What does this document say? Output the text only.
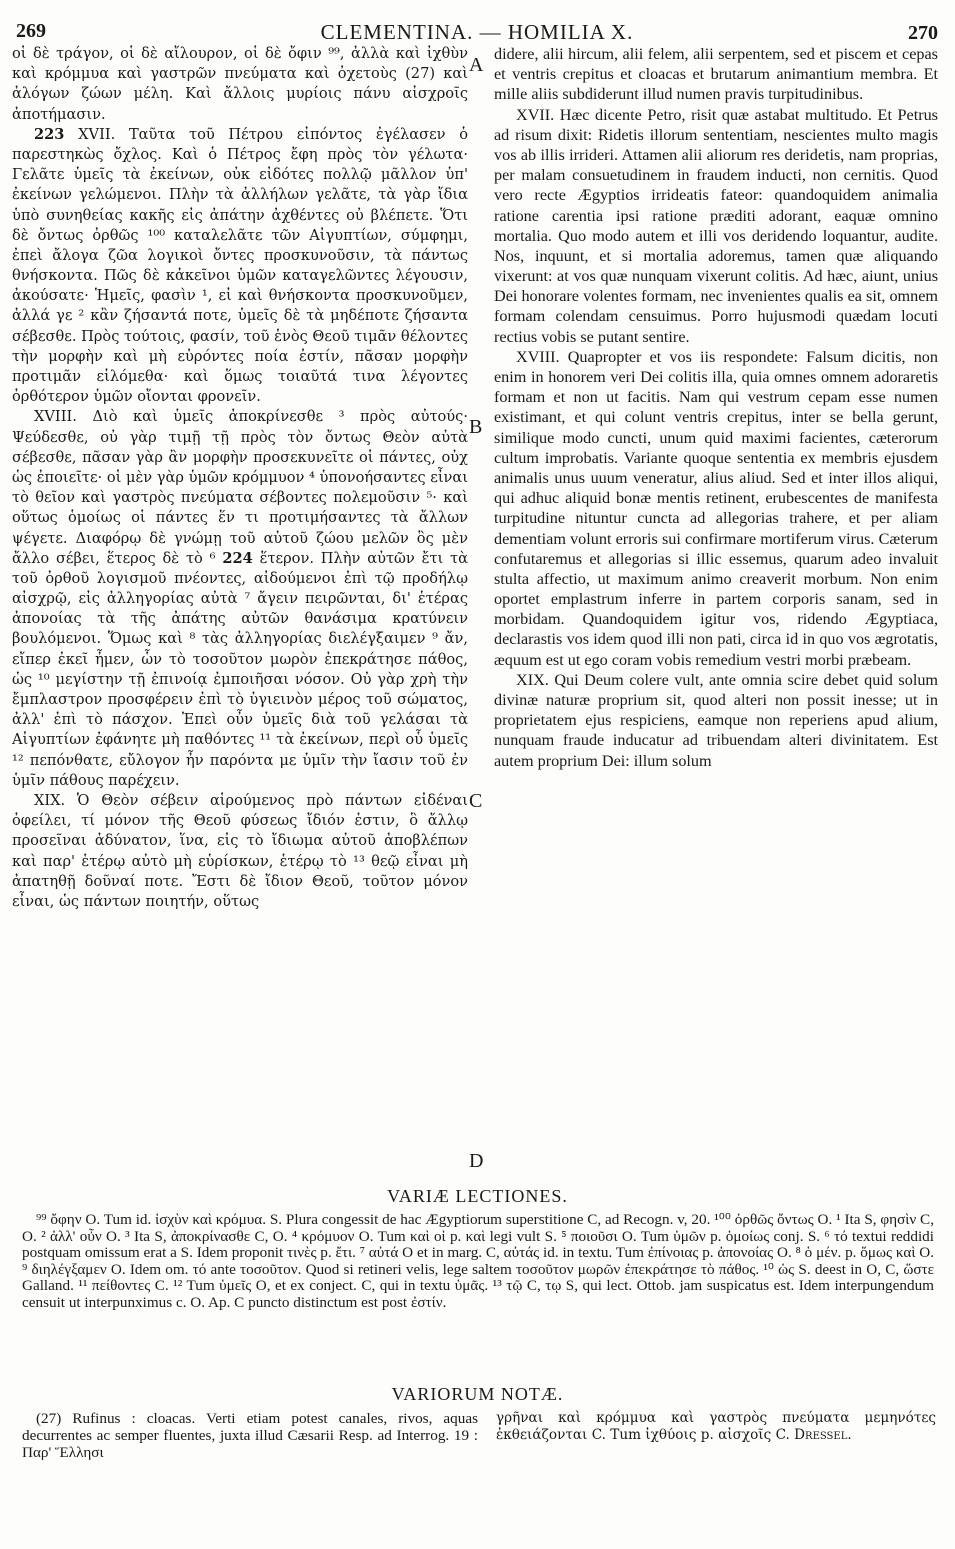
269	CLEMENTINA. — HOMILIA X.	270
A
B
C
D

οἱ δὲ τράγον, οἱ δὲ αἴλουρον, οἱ δὲ ὄφιν ⁹⁹, ἀλλὰ καὶ ἰχθὺν καὶ κρόμμυα καὶ γαστρῶν πνεύματα καὶ ὀχετοὺς (27) καὶ ἀλόγων ζώων μέλη. Καὶ ἄλλοις μυρίοις πάνυ αἰσχροῖς ἀποτήμασιν.

223 XVII. Ταῦτα τοῦ Πέτρου εἰπόντος ἐγέλασεν ὁ παρεστηκὼς ὄχλος. Καὶ ὁ Πέτρος ἔφη πρὸς τὸν γέλωτα· Γελᾶτε ὑμεῖς τὰ ἐκείνων, οὐκ εἰδότες πολλῷ μᾶλλον ὑπ' ἐκείνων γελώμενοι. Πλὴν τὰ ἀλλήλων γελᾶτε, τὰ γὰρ ἴδια ὑπὸ συνηθείας κακῆς εἰς ἀπάτην ἀχθέντες οὐ βλέπετε. Ὅτι δὲ ὄντως ὀρθῶς ¹⁰⁰ καταλελᾶτε τῶν Αἰγυπτίων, σύμφημι, ἐπεὶ ἄλογα ζῶα λογικοὶ ὄντες προσκυνοῦσιν, τὰ πάντως θνήσκοντα. Πῶς δὲ κἀκεῖνοι ὑμῶν καταγελῶντες λέγουσιν, ἀκούσατε· Ἡμεῖς, φασὶν ¹, εἰ καὶ θνήσκοντα προσκυνοῦμεν, ἀλλά γε ² κἂν ζήσαντά ποτε, ὑμεῖς δὲ τὰ μηδέποτε ζήσαντα σέβεσθε. Πρὸς τούτοις, φασίν, τοῦ ἑνὸς Θεοῦ τιμᾶν θέλοντες τὴν μορφὴν καὶ μὴ εὑρόντες ποία ἐστίν, πᾶσαν μορφὴν προτιμᾶν εἱλόμεθα· καὶ ὅμως τοιαῦτά τινα λέγοντες ὀρθότερον ὑμῶν οἴονται φρονεῖν.

XVIII. Διὸ καὶ ὑμεῖς ἀποκρίνεσθε ³ πρὸς αὐτούς· Ψεύδεσθε, οὐ γὰρ τιμῇ τῇ πρὸς τὸν ὄντως Θεὸν αὐτὰ σέβεσθε, πᾶσαν γὰρ ἂν μορφὴν προσεκυνεῖτε οἱ πάντες, οὐχ ὡς ἐποιεῖτε· οἱ μὲν γὰρ ὑμῶν κρόμμυον ⁴ ὑπονοήσαντες εἶναι τὸ θεῖον καὶ γαστρὸς πνεύματα σέβοντες πολεμοῦσιν ⁵· καὶ οὕτως ὁμοίως οἱ πάντες ἕν τι προτιμήσαντες τὰ ἄλλων ψέγετε. Διαφόρῳ δὲ γνώμῃ τοῦ αὐτοῦ ζώου μελῶν ὃς μὲν ἄλλο σέβει, ἕτερος δὲ τὸ ⁶ 224 ἕτερον. Πλὴν αὐτῶν ἔτι τὰ τοῦ ὀρθοῦ λογισμοῦ πνέοντες, αἰδούμενοι ἐπὶ τῷ προδήλῳ αἰσχρῷ, εἰς ἀλληγορίας αὐτὰ ⁷ ἄγειν πειρῶνται, δι' ἑτέρας ἀπονοίας τὰ τῆς ἀπάτης αὐτῶν θανάσιμα κρατύνειν βουλόμενοι. Ὅμως καὶ ⁸ τὰς ἀλληγορίας διελέγξαιμεν ⁹ ἄν, εἴπερ ἐκεῖ ἦμεν, ὧν τὸ τοσοῦτον μωρὸν ἐπεκράτησε πάθος, ὡς ¹⁰ μεγίστην τῇ ἐπινοίᾳ ἐμποιῆσαι νόσον. Οὐ γὰρ χρὴ τὴν ἔμπλαστρον προσφέρειν ἐπὶ τὸ ὑγιεινὸν μέρος τοῦ σώματος, ἀλλ' ἐπὶ τὸ πάσχον. Ἐπεὶ οὖν ὑμεῖς διὰ τοῦ γελάσαι τὰ Αἰγυπτίων ἐφάνητε μὴ παθόντες ¹¹ τὰ ἐκείνων, περὶ οὗ ὑμεῖς ¹² πεπόνθατε, εὔλογον ἦν παρόντα με ὑμῖν τὴν ἴασιν τοῦ ἐν ὑμῖν πάθους παρέχειν.

XIX. Ὁ Θεὸν σέβειν αἱρούμενος πρὸ πάντων εἰδέναι ὀφείλει, τί μόνον τῆς Θεοῦ φύσεως ἴδιόν ἐστιν, ὃ ἄλλῳ προσεῖναι ἀδύνατον, ἵνα, εἰς τὸ ἴδιωμα αὐτοῦ ἀποβλέπων καὶ παρ' ἑτέρῳ αὐτὸ μὴ εὑρίσκων, ἑτέρῳ τὸ ¹³ θεῷ εἶναι μὴ ἀπατηθῇ δοῦναί ποτε. Ἔστι δὲ ἴδιον Θεοῦ, τοῦτον μόνον εἶναι, ὡς πάντων ποιητήν, οὕτως

didere, alii hircum, alii felem, alii serpentem, sed et piscem et cepas et ventris crepitus et cloacas et brutarum animantium membra. Et mille aliis subdiderunt illud numen pravis turpitudinibus.

XVII. Hæc dicente Petro, risit quæ astabat multitudo. Et Petrus ad risum dixit: Ridetis illorum sententiam, nescientes multo magis vos ab illis irrideri. Attamen alii aliorum res deridetis, nam proprias, per malam consuetudinem in fraudem inducti, non cernitis. Quod vero recte Ægyptios irrideatis fateor: quandoquidem animalia ratione carentia ipsi ratione præditi adorant, eaquæ omnino mortalia. Quo modo autem et illi vos deridendo loquantur, audite. Nos, inquunt, et si mortalia adoremus, tamen quæ aliquando vixerunt: at vos quæ nunquam vixerunt colitis. Ad hæc, aiunt, unius Dei honorare volentes formam, nec invenientes qualis ea sit, omnem formam colendam censuimus. Porro hujusmodi quædam locuti rectius vobis se putant sentire.

XVIII. Quapropter et vos iis respondete: Falsum dicitis, non enim in honorem veri Dei colitis illa, quia omnes omnem adoraretis formam et non ut facitis. Nam qui vestrum cepam esse numen existimant, et qui colunt ventris crepitus, inter se bella gerunt, similique modo cuncti, unum quid maximi facientes, cæterorum cultum improbatis. Variante quoque sententia ex membris ejusdem animalis unus uuum veneratur, alius aliud. Sed et inter illos aliqui, qui adhuc aliquid bonæ mentis retinent, erubescentes de manifesta turpitudine nituntur cuncta ad allegorias trahere, et per aliam dementiam volunt erroris sui confirmare mortiferum virus. Cæterum confutaremus et allegorias si illic essemus, quarum adeo invaluit stulta affectio, ut maximum animo creaverit morbum. Non enim oportet emplastrum inferre in partem corporis sanam, sed in morbidam. Quandoquidem igitur vos, ridendo Ægyptiaca, declarastis vos idem quod illi non pati, circa id in quo vos ægrotatis, æquum est ut ego coram vobis remedium vestri morbi præbeam.

XIX. Qui Deum colere vult, ante omnia scire debet quid solum divinæ naturæ proprium sit, quod alteri non possit inesse; ut in proprietatem ejus respiciens, eamque non reperiens apud alium, nunquam fraude inducatur ad tribuendam alteri divinitatem. Est autem proprium Dei: illum solum

VARIÆ LECTIONES.

⁹⁹ ὄφην O. Tum id. ἰσχὺν καὶ κρόμυα. S. Plura congessit de hac Ægyptiorum superstitione C, ad Recogn. v, 20. ¹⁰⁰ ὀρθῶς ὄντως O. ¹ Ita S, φησὶν C, O. ² ἀλλ' οὖν O. ³ Ita S, ἀποκρίνασθε C, O. ⁴ κρόμυον O. Tum καὶ οἱ p. καὶ legi vult S. ⁵ ποιοῦσι O. Tum ὑμῶν p. ὁμοίως conj. S. ⁶ τό textui reddidi postquam omissum erat a S. Idem proponit τινὲς p. ἔτι. ⁷ αὐτά O et in marg. C, αὐτάς id. in textu. Tum ἐπίνοιας p. ἀπονοίας O. ⁸ ὁ μέν. p. ὅμως καὶ O. ⁹ διηλέγξαμεν O. Idem om. τό ante τοσοῦτον. Quod si retineri velis, lege saltem τοσοῦτον μωρῶν ἐπεκράτησε τὸ πάθος. ¹⁰ ὡς S. deest in O, C, ὥστε Galland. ¹¹ πείθοντες C. ¹² Tum ὑμεῖς O, et ex conject. C, qui in textu ὑμᾶς. ¹³ τῷ C, τῳ S, qui lect. Ottob. jam suspicatus est. Idem interpungendum censuit ut interpunximus c. O. Ap. C puncto distinctum est post ἐστίν.

VARIORUM NOTÆ.

(27) Rufinus : cloacas. Verti etiam potest canales, rivos, aquas decurrentes ac semper fluentes, juxta illud Cæsarii Resp. ad Interrog. 19 : Παρ' Ἕλλησι

γρῆναι καὶ κρόμμυα καὶ γαστρὸς πνεύματα μεμηνότες ἐκθειάζονται C. Tum ἰχθύοις p. αἰσχοῖς C. Dressel.
